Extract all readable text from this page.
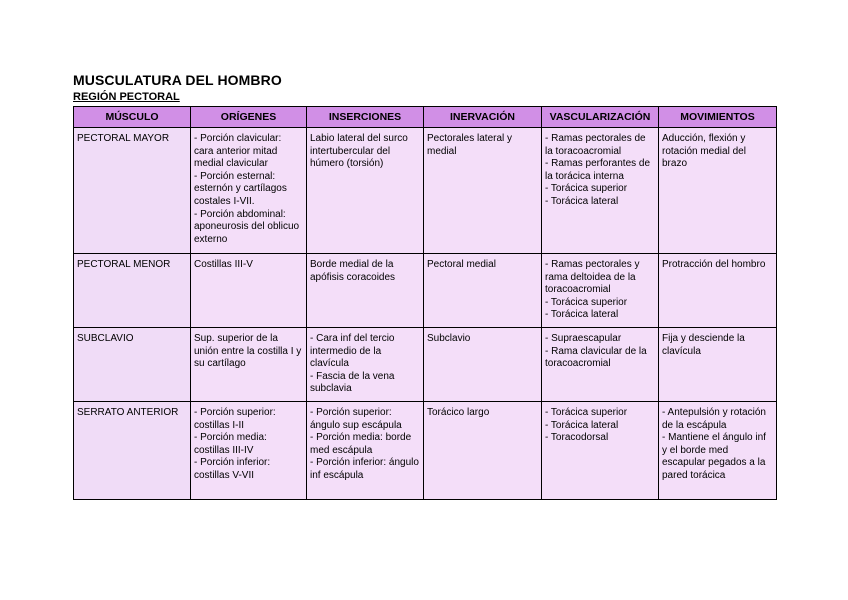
MUSCULATURA DEL HOMBRO
REGIÓN PECTORAL
MÚSCULO	ORÍGENES	INSERCIONES	INERVACIÓN	VASCULARIZACIÓN	MOVIMIENTOS

PECTORAL MAYOR	- Porción clavicular: cara anterior mitad medial clavicular
- Porción esternal: esternón y cartílagos costales I-VII.
- Porción abdominal: aponeurosis del oblicuo externo	Labio lateral del surco intertubercular del húmero (torsión)	Pectorales lateral y medial	- Ramas pectorales de la toracoacromial
- Ramas perforantes de la torácica interna
- Torácica superior
- Torácica lateral	Aducción, flexión y rotación medial del brazo

PECTORAL MENOR	Costillas III-V	Borde medial de la apófisis coracoides	Pectoral medial	- Ramas pectorales y rama deltoidea de la toracoacromial
- Torácica superior
- Torácica lateral	Protracción del hombro

SUBCLAVIO	Sup. superior de la unión entre la costilla I y su cartílago	- Cara inf del tercio intermedio de la clavícula
- Fascia de la vena subclavia	Subclavio	- Supraescapular
- Rama clavicular de la toracoacromial	Fija y desciende la clavícula

SERRATO ANTERIOR	- Porción superior: costillas I-II
- Porción media: costillas III-IV
- Porción inferior: costillas V-VII	- Porción superior: ángulo sup escápula
- Porción media: borde med escápula
- Porción inferior: ángulo inf escápula	Torácico largo	- Torácica superior
- Torácica lateral
- Toracodorsal	- Antepulsión y rotación de la escápula
- Mantiene el ángulo inf y el borde med escapular pegados a la pared torácica
